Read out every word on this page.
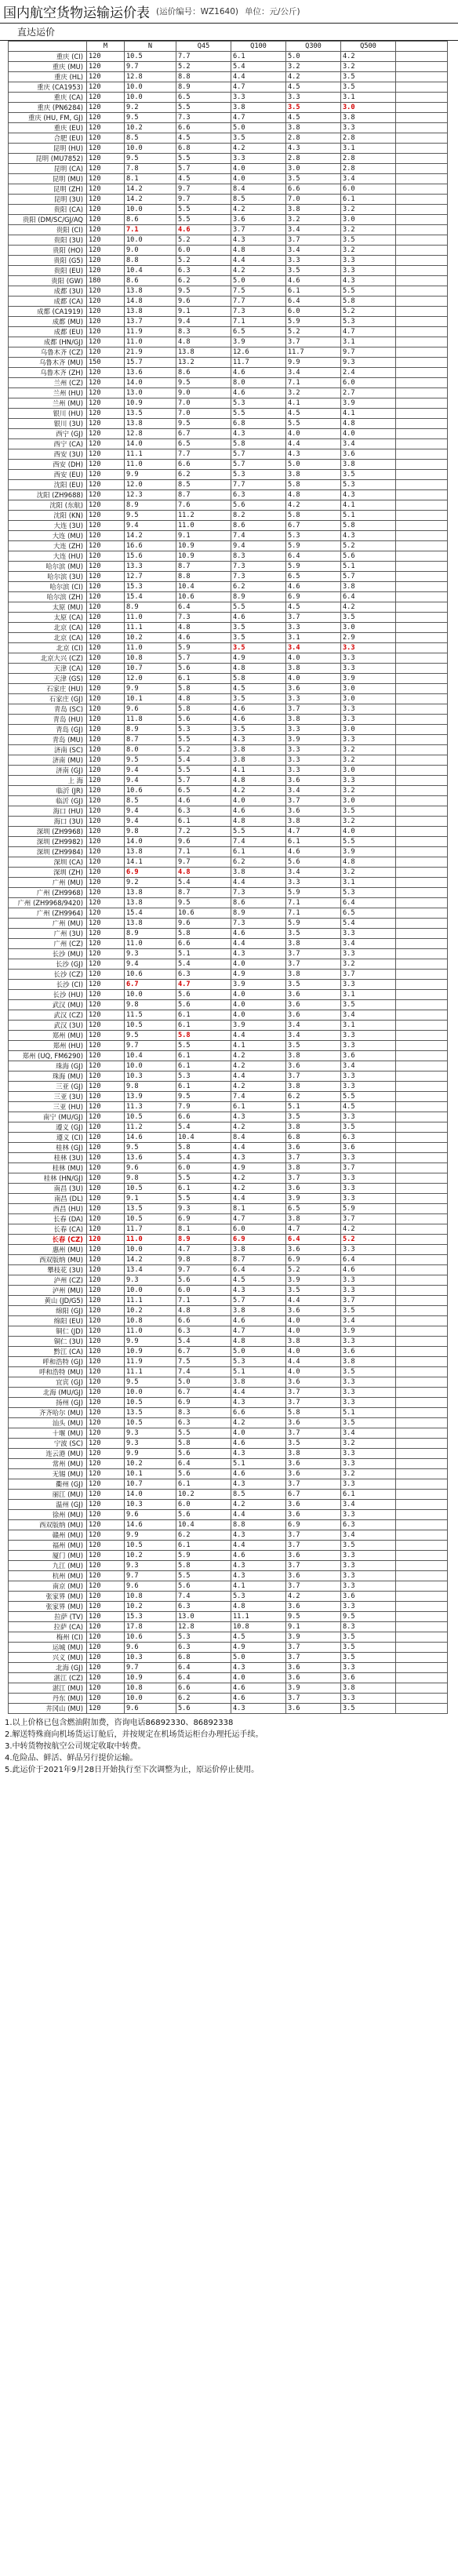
国内航空货物运输运价表 (运价编号：WZ1640) 单位：元/公斤)
直达运价
	M	N	Q45	Q100	Q300	Q500	
重庆 (CI)	120	10.5	7.7	6.1	5.0	4.2	
重庆 (MU)	120	9.7	5.2	5.4	3.2	3.2	
重庆 (HL)	120	12.8	8.8	4.4	4.2	3.5	
重庆 (CA1953)	120	10.0	8.9	4.7	4.5	3.5	
重庆 (CA)	120	10.0	6.5	3.3	3.3	3.1	
重庆 (PN6284)	120	9.2	5.5	3.8	3.5	3.0	
重庆 (HU, FM, GJ)	120	9.5	7.3	4.7	4.5	3.8	
重庆 (EU)	120	10.2	6.6	5.0	3.8	3.3	
合肥 (EU)	120	8.5	4.5	3.5	2.8	2.8	
昆明 (HU)	120	10.0	6.8	4.2	4.3	3.1	
昆明 (MU7852)	120	9.5	5.5	3.3	2.8	2.8	
昆明 (CA)	120	7.8	5.7	4.0	3.0	2.8	
昆明 (MU)	120	8.1	4.5	4.0	3.5	3.4	
昆明 (ZH)	120	14.2	9.7	8.4	6.6	6.0	
昆明 (3U)	120	14.2	9.7	8.5	7.0	6.1	
贵阳 (CA)	120	10.0	5.5	4.2	3.8	3.2	
贵阳 (DM/SC/GJ/AQ	120	8.6	5.5	3.6	3.2	3.0	
贵阳 (CI)	120	7.1	4.6	3.7	3.4	3.2	
贵阳 (3U)	120	10.0	5.2	4.3	3.7	3.5	
贵阳 (HO)	120	9.0	6.0	4.8	3.4	3.2	
贵阳 (G5)	120	8.8	5.2	4.4	3.3	3.3	
贵阳 (EU)	120	10.4	6.3	4.2	3.5	3.3	
贵阳 (GW)	180	8.6	6.2	5.0	4.6	4.3	
成都 (3U)	120	13.8	9.5	7.5	6.1	5.5	
成都 (CA)	120	14.8	9.6	7.7	6.4	5.8	
成都 (CA1919)	120	13.8	9.1	7.3	6.0	5.2	
成都 (MU)	120	13.7	9.4	7.1	5.9	5.3	
成都 (EU)	120	11.9	8.3	6.5	5.2	4.7	
成都 (HN/GJ)	120	11.0	4.8	3.9	3.7	3.1	
乌鲁木齐 (CZ)	120	21.9	13.8	12.6	11.7	9.7	
乌鲁木齐 (MU)	150	15.7	13.2	11.7	9.9	9.3	
乌鲁木齐 (ZH)	120	13.6	8.6	4.6	3.4	2.4	
兰州 (CZ)	120	14.0	9.5	8.0	7.1	6.0	
兰州 (HU)	120	13.0	9.0	4.6	3.2	2.7	
兰州 (MU)	120	10.9	7.0	5.3	4.1	3.9	
银川 (HU)	120	13.5	7.0	5.5	4.5	4.1	
银川 (3U)	120	13.8	9.5	6.8	5.5	4.8	
西宁 (GJ)	120	12.8	6.7	4.3	4.0	4.0	
西宁 (CA)	120	14.0	6.5	5.8	4.4	3.4	
西安 (3U)	120	11.1	7.7	5.7	4.3	3.6	
西安 (DH)	120	11.0	6.6	5.7	5.0	3.8	
西安 (EU)	120	9.9	6.2	5.3	3.8	3.5	
沈阳 (EU)	120	12.0	8.5	7.7	5.8	5.3	
沈阳 (ZH9688)	120	12.3	8.7	6.3	4.8	4.3	
沈阳 (东航)	120	8.9	7.6	5.6	4.2	4.1	
沈阳 (KN)	120	9.5	11.2	8.2	5.8	5.1	
大连 (3U)	120	9.4	11.0	8.6	6.7	5.8	
大连 (MU)	120	14.2	9.1	7.4	5.3	4.3	
大连 (ZH)	120	16.6	10.9	9.4	5.9	5.2	
大连 (HU)	120	15.6	10.9	8.3	6.4	5.6	
哈尔滨 (MU)	120	13.3	8.7	7.3	5.9	5.1	
哈尔滨 (3U)	120	12.7	8.8	7.3	6.5	5.7	
哈尔滨 (CI)	120	15.3	10.4	6.2	4.6	3.8	
哈尔滨 (ZH)	120	15.4	10.6	8.9	6.9	6.4	
太原 (MU)	120	8.9	6.4	5.5	4.5	4.2	
太原 (CA)	120	11.0	7.3	4.6	3.7	3.5	
北京 (CA)	120	11.1	4.8	3.5	3.3	3.0	
北京 (CA)	120	10.2	4.6	3.5	3.1	2.9	
北京 (CI)	120	11.0	5.9	3.5	3.4	3.3	
北京大兴 (CZ)	120	10.8	5.7	4.9	4.0	3.3	
天津 (CA)	120	10.7	5.6	4.8	3.8	3.3	
天津 (GS)	120	12.0	6.1	5.8	4.0	3.9	
石家庄 (HU)	120	9.9	5.8	4.5	3.6	3.0	
石家庄 (GJ)	120	10.1	4.8	3.5	3.3	3.0	
青岛 (SC)	120	9.6	5.8	4.6	3.7	3.3	
青岛 (HU)	120	11.8	5.6	4.6	3.8	3.3	
青岛 (GJ)	120	8.9	5.3	3.5	3.3	3.0	
青岛 (MU)	120	8.7	5.5	4.3	3.9	3.3	
济南 (SC)	120	8.0	5.2	3.8	3.3	3.2	
济南 (MU)	120	9.5	5.4	3.8	3.3	3.2	
济南 (GJ)	120	9.4	5.5	4.1	3.3	3.0	
上 海	120	9.4	5.7	4.8	3.6	3.3	
临沂 (JR)	120	10.6	6.5	4.2	3.4	3.2	
临沂 (GJ)	120	8.5	4.6	4.0	3.7	3.0	
海口 (HU)	120	9.4	6.3	4.6	3.6	3.5	
海口 (3U)	120	9.4	6.1	4.8	3.8	3.2	
深圳 (ZH9968)	120	9.8	7.2	5.5	4.7	4.0	
深圳 (ZH9982)	120	14.0	9.6	7.4	6.1	5.5	
深圳 (ZH9984)	120	13.8	7.1	6.1	4.6	3.9	
深圳 (CA)	120	14.1	9.7	6.2	5.6	4.8	
深圳 (ZH)	120	6.9	4.8	3.8	3.4	3.2	
广州 (MU)	120	9.2	5.4	4.4	3.3	3.1	
广州 (ZH9968)	120	13.8	8.7	7.3	5.9	5.3	
广州 (ZH9968/9420)	120	13.8	9.5	8.6	7.1	6.4	
广州 (ZH9964)	120	15.4	10.6	8.9	7.1	6.5	
广州 (MU)	120	13.8	9.6	7.3	5.9	5.4	
广州 (3U)	120	8.9	5.8	4.6	3.5	3.3	
广州 (CZ)	120	11.0	6.6	4.4	3.8	3.4	
长沙 (MU)	120	9.3	5.1	4.3	3.7	3.3	
长沙 (GJ)	120	9.4	5.4	4.0	3.7	3.2	
长沙 (CZ)	120	10.6	6.3	4.9	3.8	3.7	
长沙 (CI)	120	6.7	4.7	3.9	3.5	3.3	
长沙 (HU)	120	10.0	5.6	4.0	3.6	3.1	
武汉 (MU)	120	9.8	5.6	4.0	3.6	3.5	
武汉 (CZ)	120	11.5	6.1	4.0	3.6	3.4	
武汉 (3U)	120	10.5	6.1	3.9	3.4	3.1	
郑州 (MU)	120	9.5	5.8	4.4	3.4	3.3	
郑州 (HU)	120	9.7	5.5	4.1	3.5	3.3	
郑州 (UQ, FM6290)	120	10.4	6.1	4.2	3.8	3.6	
珠海 (GJ)	120	10.0	6.1	4.2	3.6	3.4	
珠海 (MU)	120	10.3	5.3	4.4	3.7	3.3	
三亚 (GJ)	120	9.8	6.1	4.2	3.8	3.3	
三亚 (3U)	120	13.9	9.5	7.4	6.2	5.5	
三亚 (HU)	120	11.3	7.9	6.1	5.1	4.5	
南宁 (MU/GJ)	120	10.5	6.6	4.3	3.5	3.3	
遵义 (GJ)	120	11.2	5.4	4.2	3.8	3.5	
遵义 (CI)	120	14.6	10.4	8.4	6.8	6.3	
桂林 (GJ)	120	9.5	5.8	4.4	3.6	3.6	
桂林 (3U)	120	13.6	5.4	4.3	3.7	3.3	
桂林 (MU)	120	9.6	6.0	4.9	3.8	3.7	
桂林 (HN/GJ)	120	9.8	5.5	4.2	3.7	3.3	
南昌 (3U)	120	10.5	6.1	4.2	3.6	3.3	
南昌 (DL)	120	9.1	5.5	4.4	3.9	3.3	
西昌 (HU)	120	13.5	9.3	8.1	6.5	5.9	
长春 (DA)	120	10.5	6.9	4.7	3.8	3.7	
长春 (CA)	120	11.7	8.1	6.0	4.7	4.2	
长春 (CZ)	120	11.0	8.9	6.9	6.4	5.2	
惠州 (MU)	120	10.0	4.7	3.8	3.6	3.3	
西双版纳 (MU)	120	14.2	9.8	8.7	6.9	6.4	
攀枝花 (3U)	120	13.4	9.7	6.4	5.2	4.6	
泸州 (CZ)	120	9.3	5.6	4.5	3.9	3.3	
泸州 (MU)	120	10.0	6.0	4.3	3.5	3.3	
黄山 (JD/G5)	120	11.1	7.1	5.7	4.4	3.7	
绵阳 (GJ)	120	10.2	4.8	3.8	3.6	3.5	
绵阳 (EU)	120	10.8	6.6	4.6	4.0	3.4	
铜仁 (JD)	120	11.0	6.3	4.7	4.0	3.9	
铜仁 (3U)	120	9.9	5.4	4.8	3.8	3.3	
黔江 (CA)	120	10.9	6.7	5.0	4.0	3.6	
呼和浩特 (GJ)	120	11.9	7.5	5.3	4.4	3.8	
呼和浩特 (MU)	120	11.1	7.4	5.1	4.0	3.5	
宜宾 (GJ)	120	9.5	5.0	3.8	3.6	3.3	
北海 (MU/GJ)	120	10.0	6.7	4.4	3.7	3.3	
扬州 (GJ)	120	10.5	6.9	4.3	3.7	3.3	
齐齐哈尔 (MU)	120	13.5	8.3	6.6	5.8	5.1	
汕头 (MU)	120	10.5	6.3	4.2	3.6	3.5	
十堰 (MU)	120	9.3	5.5	4.0	3.7	3.4	
宁波 (SC)	120	9.3	5.8	4.6	3.5	3.2	
连云港 (MU)	120	9.9	5.6	4.3	3.8	3.3	
常州 (MU)	120	10.2	6.4	5.1	3.6	3.3	
无锡 (MU)	120	10.1	5.6	4.6	3.6	3.2	
衢州 (GJ)	120	10.7	6.1	4.3	3.7	3.3	
丽江 (MU)	120	14.0	10.2	8.5	6.7	6.1	
温州 (GJ)	120	10.3	6.0	4.2	3.6	3.4	
徐州 (MU)	120	9.6	5.6	4.4	3.6	3.3	
西双版纳 (MU)	120	14.6	10.4	8.8	6.9	6.3	
赣州 (MU)	120	9.9	6.2	4.3	3.7	3.4	
福州 (MU)	120	10.5	6.1	4.4	3.7	3.5	
厦门 (MU)	120	10.2	5.9	4.6	3.6	3.3	
九江 (MU)	120	9.3	5.8	4.3	3.7	3.3	
杭州 (MU)	120	9.7	5.5	4.3	3.6	3.3	
南京 (MU)	120	9.6	5.6	4.1	3.7	3.3	
张家界 (MU)	120	10.8	7.4	5.3	4.2	3.6	
张家界 (MU)	120	10.2	6.3	4.8	3.6	3.3	
拉萨 (TV)	120	15.3	13.0	11.1	9.5	9.5	
拉萨 (CA)	120	17.8	12.8	10.8	9.1	8.3	
梅州 (CI)	120	10.6	5.3	4.5	3.9	3.5	
运城 (MU)	120	9.6	6.3	4.9	3.7	3.5	
兴义 (MU)	120	10.3	6.8	5.0	3.7	3.5	
北海 (GJ)	120	9.7	6.4	4.3	3.6	3.3	
湛江 (CZ)	120	10.9	6.4	4.0	3.6	3.6	
湛江 (MU)	120	10.8	6.6	4.6	3.9	3.8	
丹东 (MU)	120	10.0	6.2	4.6	3.7	3.3	
井冈山 (MU)	120	9.6	5.6	4.3	3.6	3.5	
1.以上价格已包含燃油附加费，咨询电话86892330、86892338
2.解送特殊商向机场货运订舱后，并按规定在机场货运柜台办理托运手续。
3.中转货物按航空公司规定收取中转费。
4.危险品、鲜活、鲜品另行提价运输。
5.此运价于2021年9月28日开始执行至下次调整为止，原运价停止使用。
